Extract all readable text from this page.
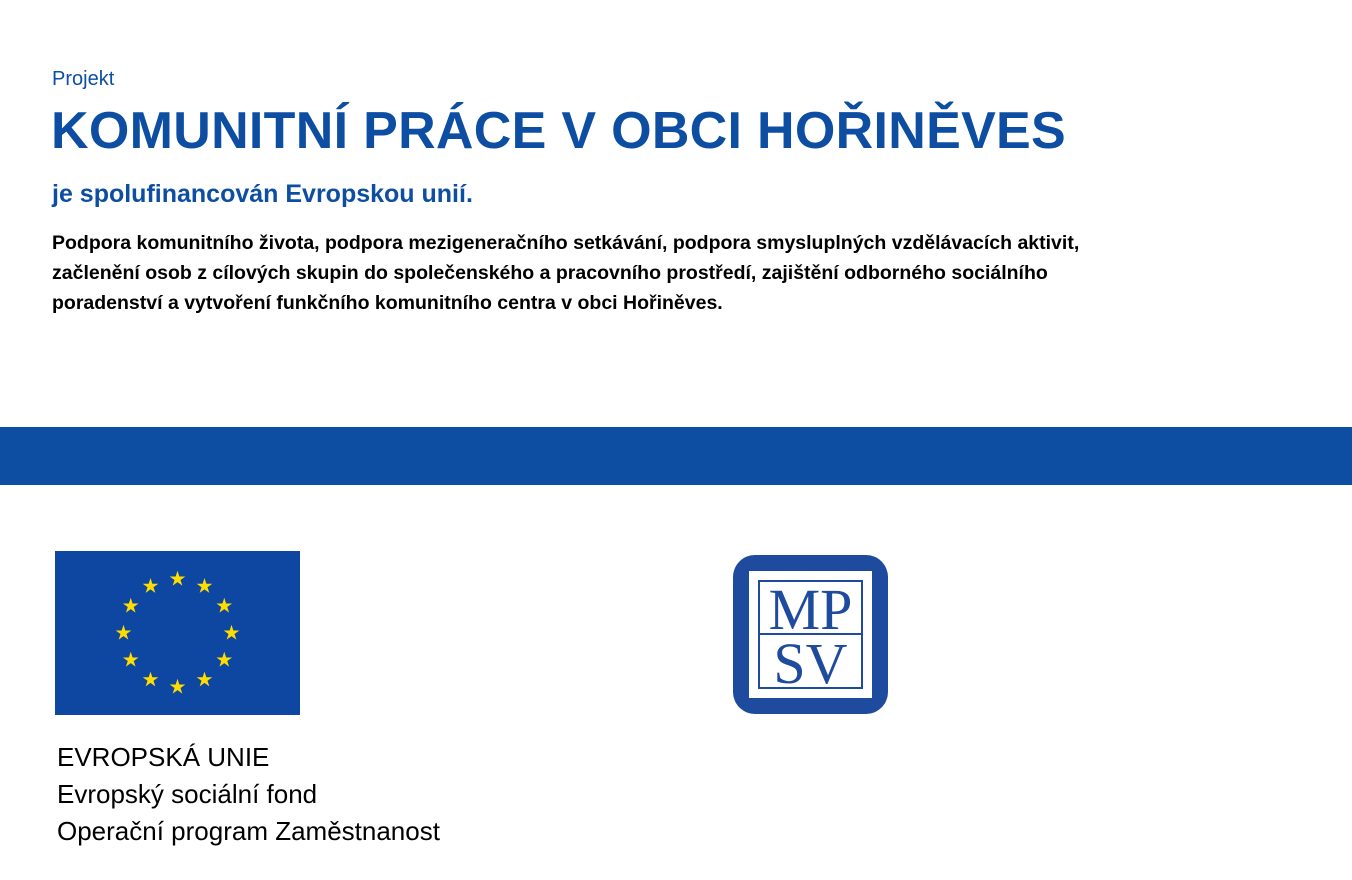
Projekt
KOMUNITNÍ PRÁCE V OBCI HOŘINĚVES
je spolufinancován Evropskou unií.
Podpora komunitního života, podpora mezigeneračního setkávání, podpora smysluplných vzdělávacích aktivit,
začlenění osob z cílových skupin do společenského a pracovního prostředí, zajištění odborného sociálního
poradenství a vytvoření funkčního komunitního centra v obci Hořiněves.
EVROPSKÁ UNIE
Evropský sociální fond
Operační program Zaměstnanost
MP
SV
